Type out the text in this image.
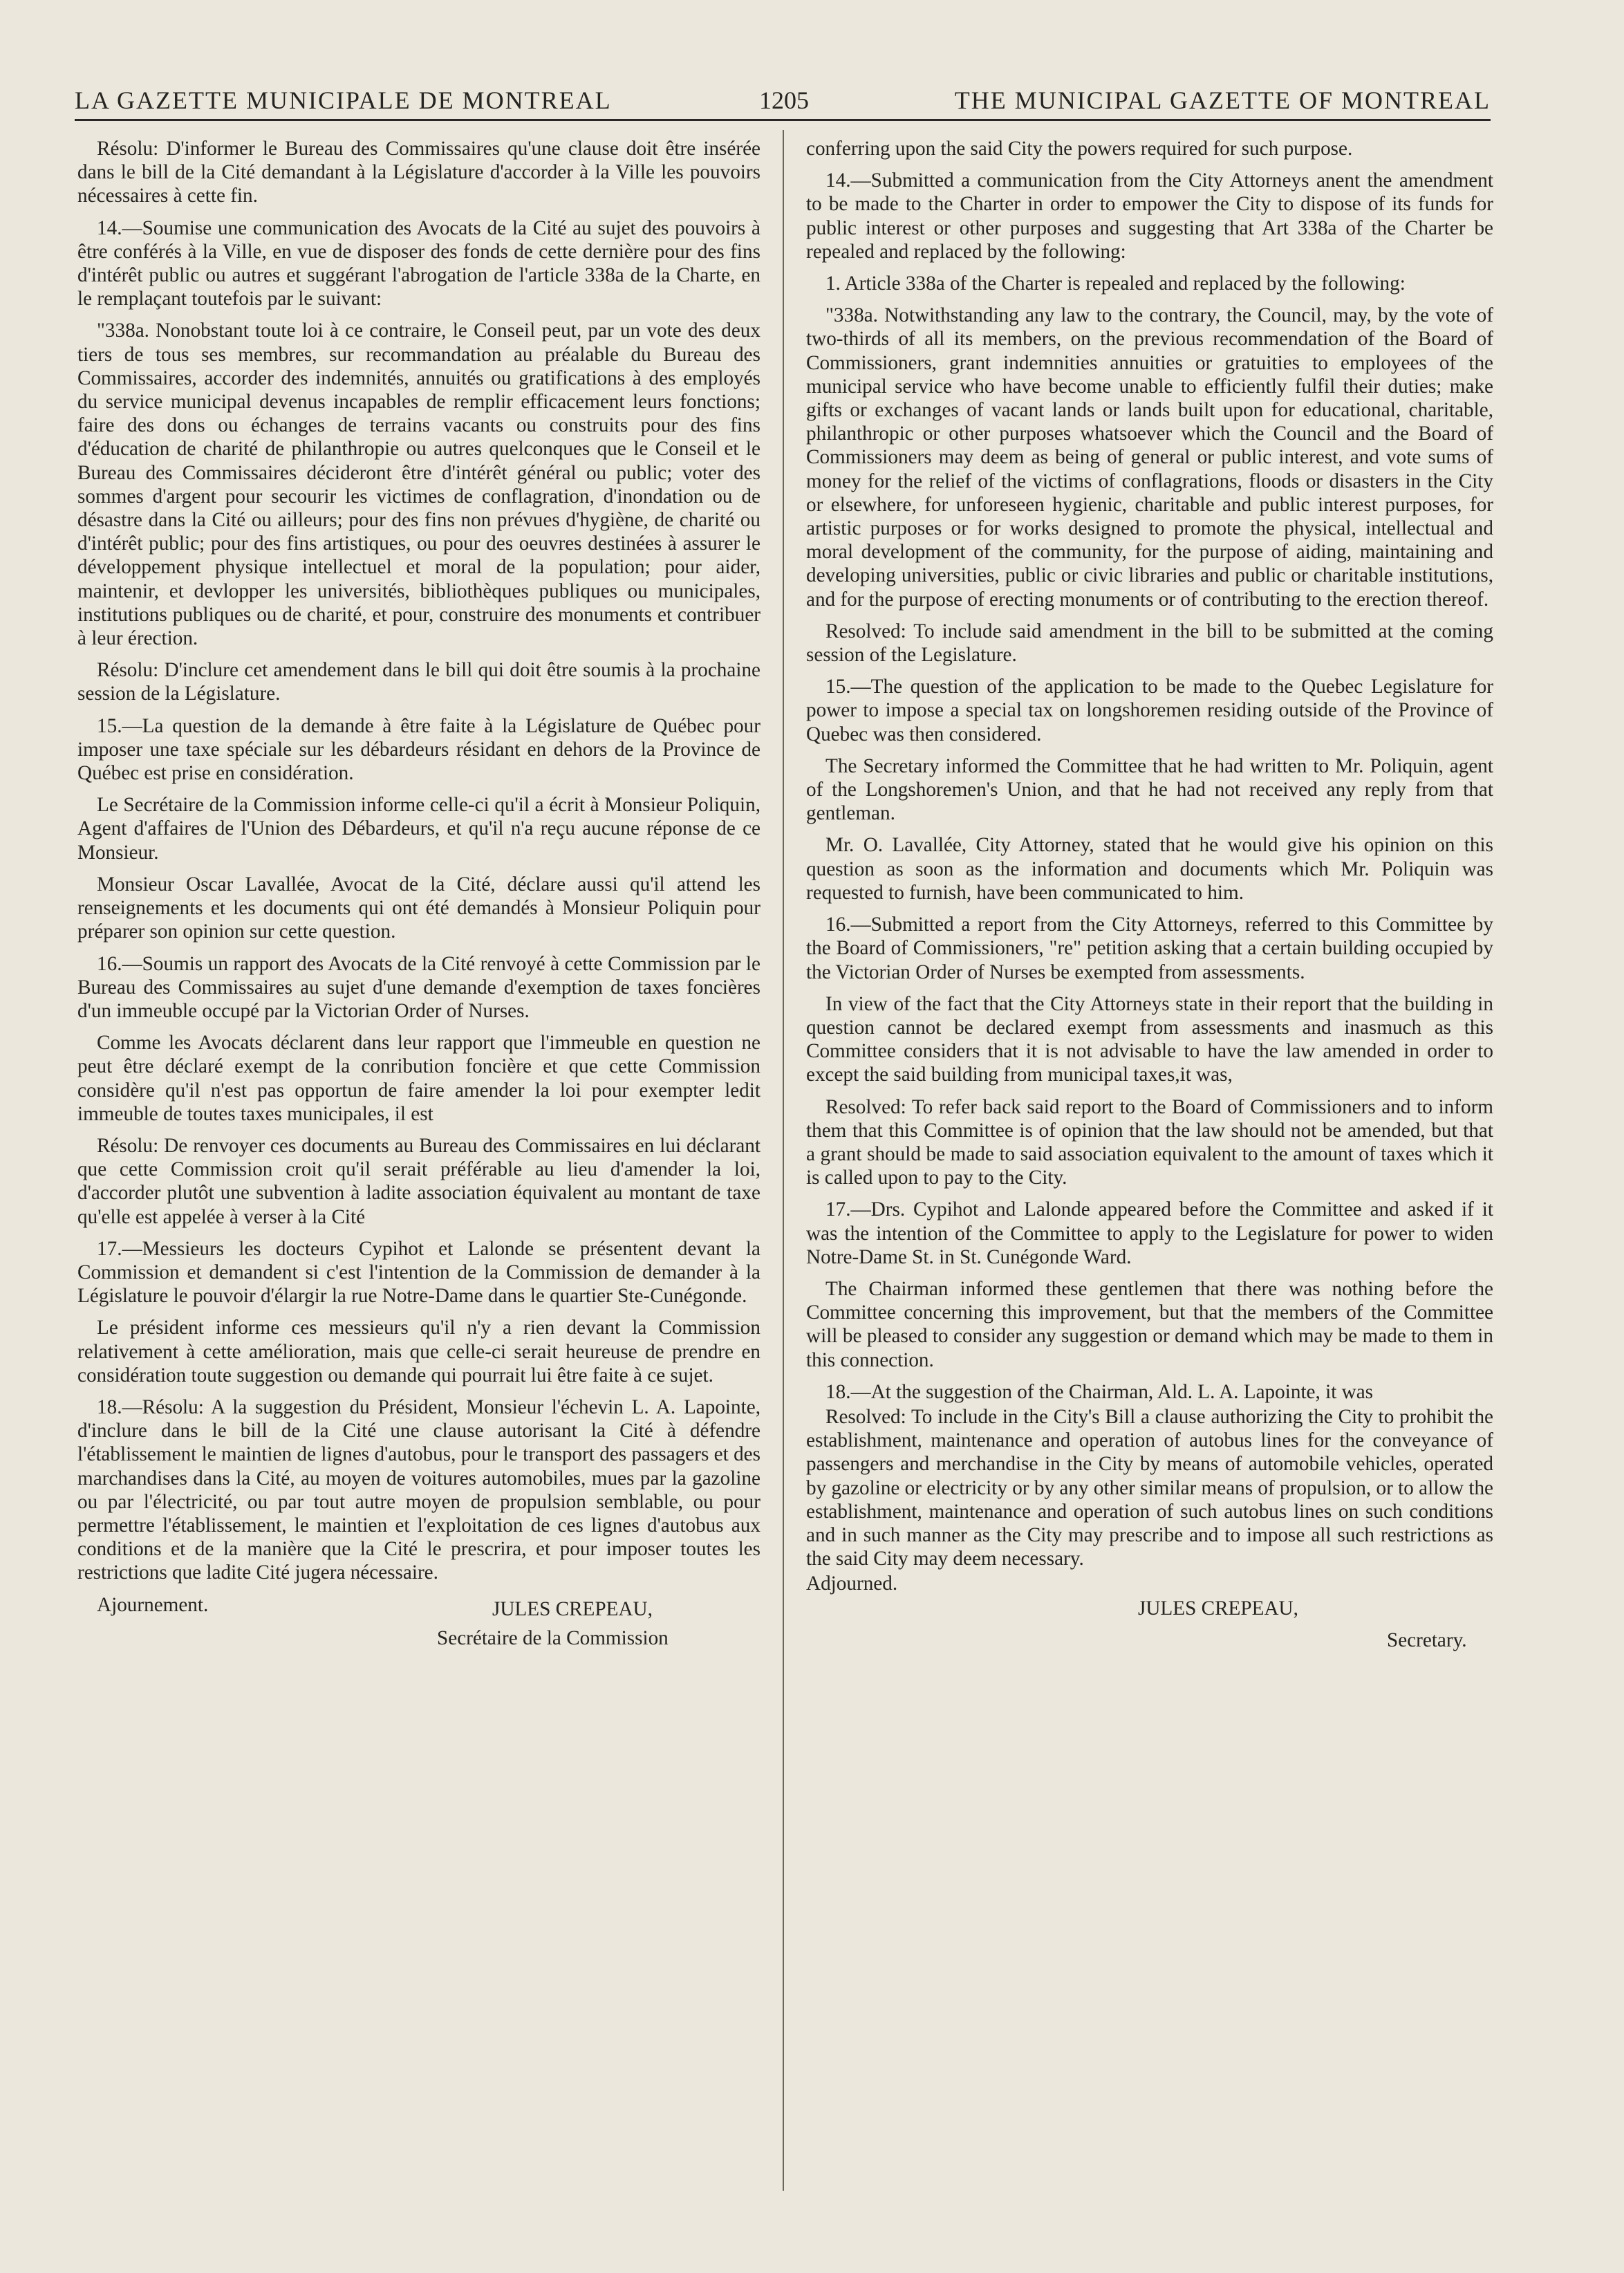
LA GAZETTE MUNICIPALE DE MONTREAL	1205	THE MUNICIPAL GAZETTE OF MONTREAL

Résolu: D'informer le Bureau des Commissaires qu'une clause doit être insérée dans le bill de la Cité demandant à la Législature d'accorder à la Ville les pouvoirs nécessaires à cette fin.

14.—Soumise une communication des Avocats de la Cité au sujet des pouvoirs à être conférés à la Ville, en vue de disposer des fonds de cette dernière pour des fins d'intérêt public ou autres et suggérant l'abrogation de l'article 338a de la Charte, en le remplaçant toutefois par le suivant:

"338a. Nonobstant toute loi à ce contraire, le Conseil peut, par un vote des deux tiers de tous ses membres, sur recommandation au préalable du Bureau des Commissaires, accorder des indemnités, annuités ou gratifications à des employés du service municipal devenus incapables de remplir efficacement leurs fonctions; faire des dons ou échanges de terrains vacants ou construits pour des fins d'éducation de charité de philanthropie ou autres quelconques que le Conseil et le Bureau des Commissaires décideront être d'intérêt général ou public; voter des sommes d'argent pour secourir les victimes de conflagration, d'inondation ou de désastre dans la Cité ou ailleurs; pour des fins non prévues d'hygiène, de charité ou d'intérêt public; pour des fins artistiques, ou pour des oeuvres destinées à assurer le développement physique intellectuel et moral de la population; pour aider, maintenir, et devlopper les universités, bibliothèques publiques ou municipales, institutions publiques ou de charité, et pour, construire des monuments et contribuer à leur érection.

Résolu: D'inclure cet amendement dans le bill qui doit être soumis à la prochaine session de la Législature.

15.—La question de la demande à être faite à la Législature de Québec pour imposer une taxe spéciale sur les débardeurs résidant en dehors de la Province de Québec est prise en considération.

Le Secrétaire de la Commission informe celle-ci qu'il a écrit à Monsieur Poliquin, Agent d'affaires de l'Union des Débardeurs, et qu'il n'a reçu aucune réponse de ce Monsieur.

Monsieur Oscar Lavallée, Avocat de la Cité, déclare aussi qu'il attend les renseignements et les documents qui ont été demandés à Monsieur Poliquin pour préparer son opinion sur cette question.

16.—Soumis un rapport des Avocats de la Cité renvoyé à cette Commission par le Bureau des Commissaires au sujet d'une demande d'exemption de taxes foncières d'un immeuble occupé par la Victorian Order of Nurses.

Comme les Avocats déclarent dans leur rapport que l'immeuble en question ne peut être déclaré exempt de la conribution foncière et que cette Commission considère qu'il n'est pas opportun de faire amender la loi pour exempter ledit immeuble de toutes taxes municipales, il est

Résolu: De renvoyer ces documents au Bureau des Commissaires en lui déclarant que cette Commission croit qu'il serait préférable au lieu d'amender la loi, d'accorder plutôt une subvention à ladite association équivalent au montant de taxe qu'elle est appelée à verser à la Cité

17.—Messieurs les docteurs Cypihot et Lalonde se présentent devant la Commission et demandent si c'est l'intention de la Commission de demander à la Législature le pouvoir d'élargir la rue Notre-Dame dans le quartier Ste-Cunégonde.

Le président informe ces messieurs qu'il n'y a rien devant la Commission relativement à cette amélioration, mais que celle-ci serait heureuse de prendre en considération toute suggestion ou demande qui pourrait lui être faite à ce sujet.

18.—Résolu: A la suggestion du Président, Monsieur l'échevin L. A. Lapointe, d'inclure dans le bill de la Cité une clause autorisant la Cité à défendre l'établissement le maintien de lignes d'autobus, pour le transport des passagers et des marchandises dans la Cité, au moyen de voitures automobiles, mues par la gazoline ou par l'électricité, ou par tout autre moyen de propulsion semblable, ou pour permettre l'établissement, le maintien et l'exploitation de ces lignes d'autobus aux conditions et de la manière que la Cité le prescrira, et pour imposer toutes les restrictions que ladite Cité jugera nécessaire.

Ajournement.	JULES CREPEAU,
Secrétaire de la Commission

conferring upon the said City the powers required for such purpose.

14.—Submitted a communication from the City Attorneys anent the amendment to be made to the Charter in order to empower the City to dispose of its funds for public interest or other purposes and suggesting that Art 338a of the Charter be repealed and replaced by the following:

1. Article 338a of the Charter is repealed and replaced by the following:

"338a. Notwithstanding any law to the contrary, the Council, may, by the vote of two-thirds of all its members, on the previous recommendation of the Board of Commissioners, grant indemnities annuities or gratuities to employees of the municipal service who have become unable to efficiently fulfil their duties; make gifts or exchanges of vacant lands or lands built upon for educational, charitable, philanthropic or other purposes whatsoever which the Council and the Board of Commissioners may deem as being of general or public interest, and vote sums of money for the relief of the victims of conflagrations, floods or disasters in the City or elsewhere, for unforeseen hygienic, charitable and public interest purposes, for artistic purposes or for works designed to promote the physical, intellectual and moral development of the community, for the purpose of aiding, maintaining and developing universities, public or civic libraries and public or charitable institutions, and for the purpose of erecting monuments or of contributing to the erection thereof.

Resolved: To include said amendment in the bill to be submitted at the coming session of the Legislature.

15.—The question of the application to be made to the Quebec Legislature for power to impose a special tax on longshoremen residing outside of the Province of Quebec was then considered.

The Secretary informed the Committee that he had written to Mr. Poliquin, agent of the Longshoremen's Union, and that he had not received any reply from that gentleman.

Mr. O. Lavallée, City Attorney, stated that he would give his opinion on this question as soon as the information and documents which Mr. Poliquin was requested to furnish, have been communicated to him.

16.—Submitted a report from the City Attorneys, referred to this Committee by the Board of Commissioners, "re" petition asking that a certain building occupied by the Victorian Order of Nurses be exempted from assessments.

In view of the fact that the City Attorneys state in their report that the building in question cannot be declared exempt from assessments and inasmuch as this Committee considers that it is not advisable to have the law amended in order to except the said building from municipal taxes,it was,

Resolved: To refer back said report to the Board of Commissioners and to inform them that this Committee is of opinion that the law should not be amended, but that a grant should be made to said association equivalent to the amount of taxes which it is called upon to pay to the City.

17.—Drs. Cypihot and Lalonde appeared before the Committee and asked if it was the intention of the Committee to apply to the Legislature for power to widen Notre-Dame St. in St. Cunégonde Ward.

The Chairman informed these gentlemen that there was nothing before the Committee concerning this improvement, but that the members of the Committee will be pleased to consider any suggestion or demand which may be made to them in this connection.

18.—At the suggestion of the Chairman, Ald. L. A. Lapointe, it was

Resolved: To include in the City's Bill a clause authorizing the City to prohibit the establishment, maintenance and operation of autobus lines for the conveyance of passengers and merchandise in the City by means of automobile vehicles, operated by gazoline or electricity or by any other similar means of propulsion, or to allow the establishment, maintenance and operation of such autobus lines on such conditions and in such manner as the City may prescribe and to impose all such restrictions as the said City may deem necessary.

Adjourned.
JULES CREPEAU,
Secretary.
